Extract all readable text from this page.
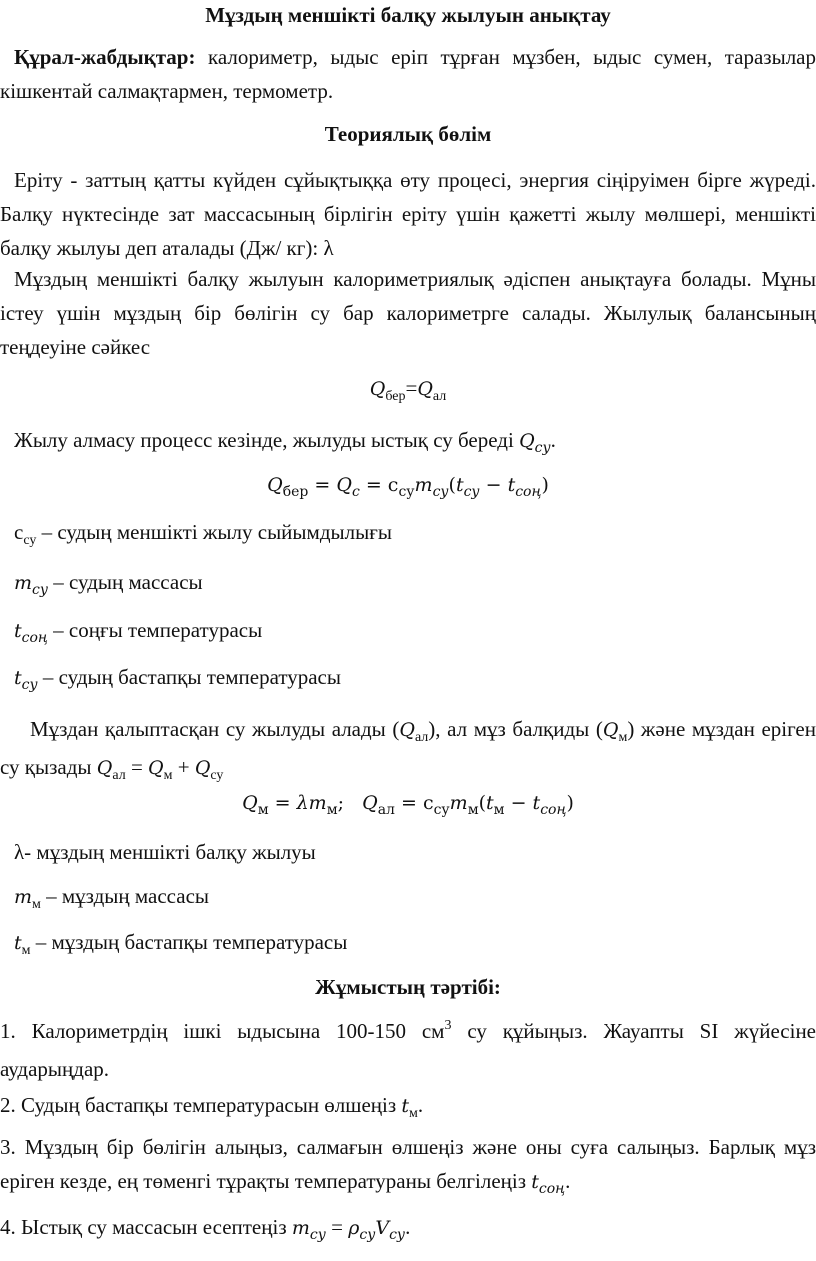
Мұздың меншікті балқу жылуын анықтау
Құрал-жабдықтар: калориметр, ыдыс еріп тұрған мұзбен, ыдыс сумен, таразылар кішкентай салмақтармен, термометр.
Теориялық бөлім
Еріту - заттың қатты күйден сұйықтыққа өту процесі, энергия сіңіруімен бірге жүреді. Балқу нүктесінде зат массасының бірлігін еріту үшін қажетті жылу мөлшері, меншікті балқу жылуы деп аталады (Дж/ кг): λ
Мұздың меншікті балқу жылуын калориметриялық әдіспен анықтауға болады. Мұны істеу үшін мұздың бір бөлігін су бар калориметрге салады. Жылулық балансының теңдеуіне сәйкес
$Q_{бер}=Q_{ал}$
Жылу алмасу процесс кезінде, жылуды ыстық су береді $Q_{су}$.
$Q_{бер} = Q_c = с_{су}m_{су}(t_{су} - t_{соң})$
$с_{су}$ – судың меншікті жылу сыйымдылығы
$m_{су}$ – судың массасы
$t_{соң}$ – соңғы температурасы
$t_{су}$ – судың бастапқы температурасы
Мұздан қалыптасқан су жылуды алады $(Q_{ал})$, ал мұз балқиды $(Q_м)$ және мұздан еріген су қызады $Q_{ал} = Q_м + Q_{су}$
$Q_м = \lambda m_м$;   $Q_{ал} = с_{су}m_м(t_м - t_{соң})$
λ- мұздың меншікті балқу жылуы
$m_м$ – мұздың массасы
$t_м$ – мұздың бастапқы температурасы
Жұмыстың тәртібі:
1. Калориметрдің ішкі ыдысына 100-150 $см^3$ су құйыңыз. Жауапты SI жүйесіне аударыңдар.
2. Судың бастапқы температурасын өлшеңіз $t_м$.
3. Мұздың бір бөлігін алыңыз, салмағын өлшеңіз және оны суға салыңыз. Барлық мұз еріген кезде, ең төменгі тұрақты температураны белгілеңіз $t_{соң}$.
4. Ыстық су массасын есептеңіз $m_{су} = \rho_{су}V_{су}$.
